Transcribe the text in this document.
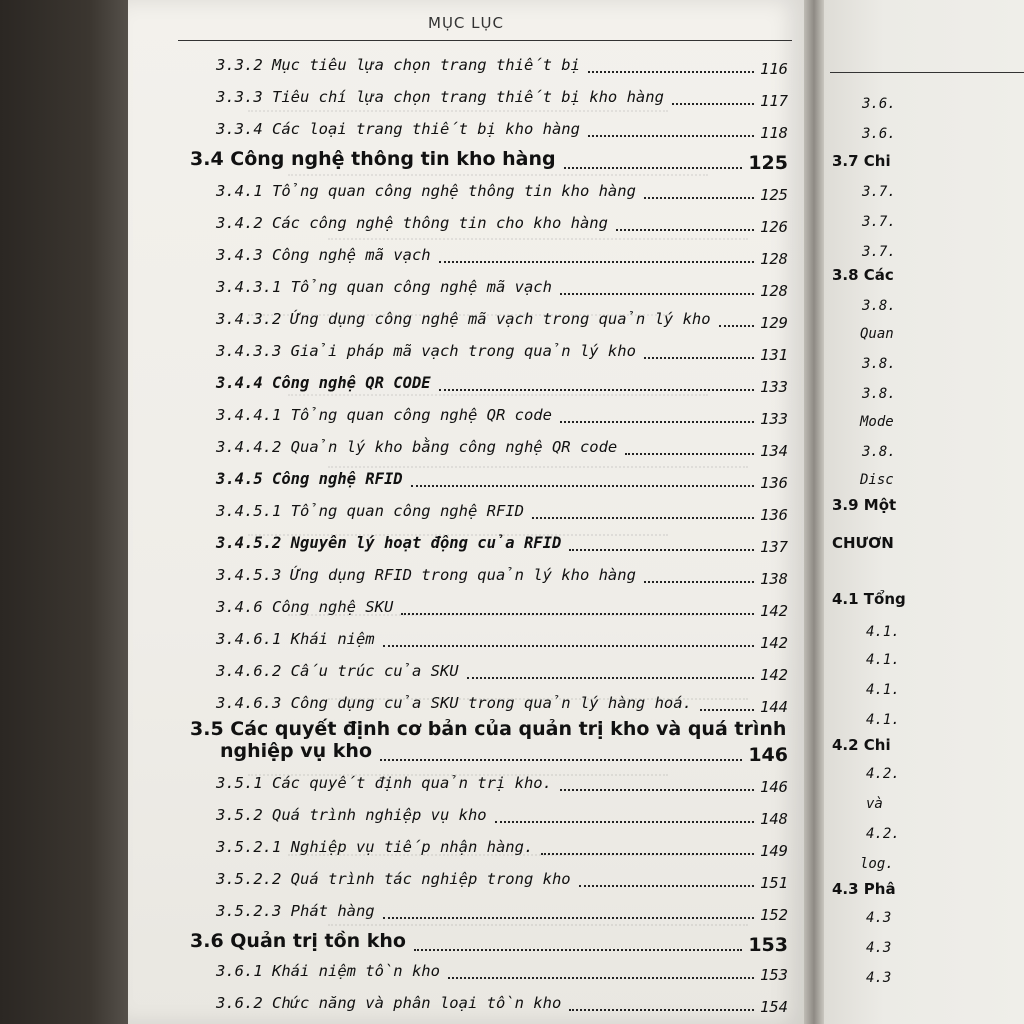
MỤC LỤC
3.3.2 Mục tiêu lựa chọn trang thiết bị	116
3.3.3 Tiêu chí lựa chọn trang thiết bị kho hàng	117
3.3.4 Các loại trang thiết bị kho hàng	118
3.4 Công nghệ thông tin kho hàng	125
3.4.1 Tổng quan công nghệ thông tin kho hàng	125
3.4.2 Các công nghệ thông tin cho kho hàng	126
3.4.3 Công nghệ mã vạch	128
3.4.3.1 Tổng quan công nghệ mã vạch	128
3.4.3.2 Ứng dụng công nghệ mã vạch trong quản lý kho	129
3.4.3.3 Giải pháp mã vạch trong quản lý kho	131
3.4.4 Công nghệ QR CODE	133
3.4.4.1 Tổng quan công nghệ QR code	133
3.4.4.2 Quản lý kho bằng công nghệ QR code	134
3.4.5 Công nghệ RFID	136
3.4.5.1 Tổng quan công nghệ RFID	136
3.4.5.2 Nguyên lý hoạt động của RFID	137
3.4.5.3 Ứng dụng RFID trong quản lý kho hàng	138
3.4.6 Công nghệ SKU	142
3.4.6.1 Khái niệm	142
3.4.6.2 Cấu trúc của SKU	142
3.4.6.3 Công dụng của SKU trong quản lý hàng hoá.	144
3.5 Các quyết định cơ bản của quản trị kho và quá trình
nghiệp vụ kho	146
3.5.1 Các quyết định quản trị kho.	146
3.5.2 Quá trình nghiệp vụ kho	148
3.5.2.1 Nghiệp vụ tiếp nhận hàng.	149
3.5.2.2 Quá trình tác nghiệp trong kho	151
3.5.2.3 Phát hàng	152
3.6 Quản trị tồn kho	153
3.6.1 Khái niệm tồn kho	153
3.6.2 Chức năng và phân loại tồn kho	154
3.6.
3.6.
3.7 Chi
3.7.
3.7.
3.7.
3.8 Các
3.8.
Quan
3.8.
3.8.
Mode
3.8.
Disc
3.9 Một
CHƯƠN
4.1 Tổng
4.1.
4.1.
4.1.
4.1.
4.2 Chi
4.2.
và
4.2.
log.
4.3 Phâ
4.3
4.3
4.3
